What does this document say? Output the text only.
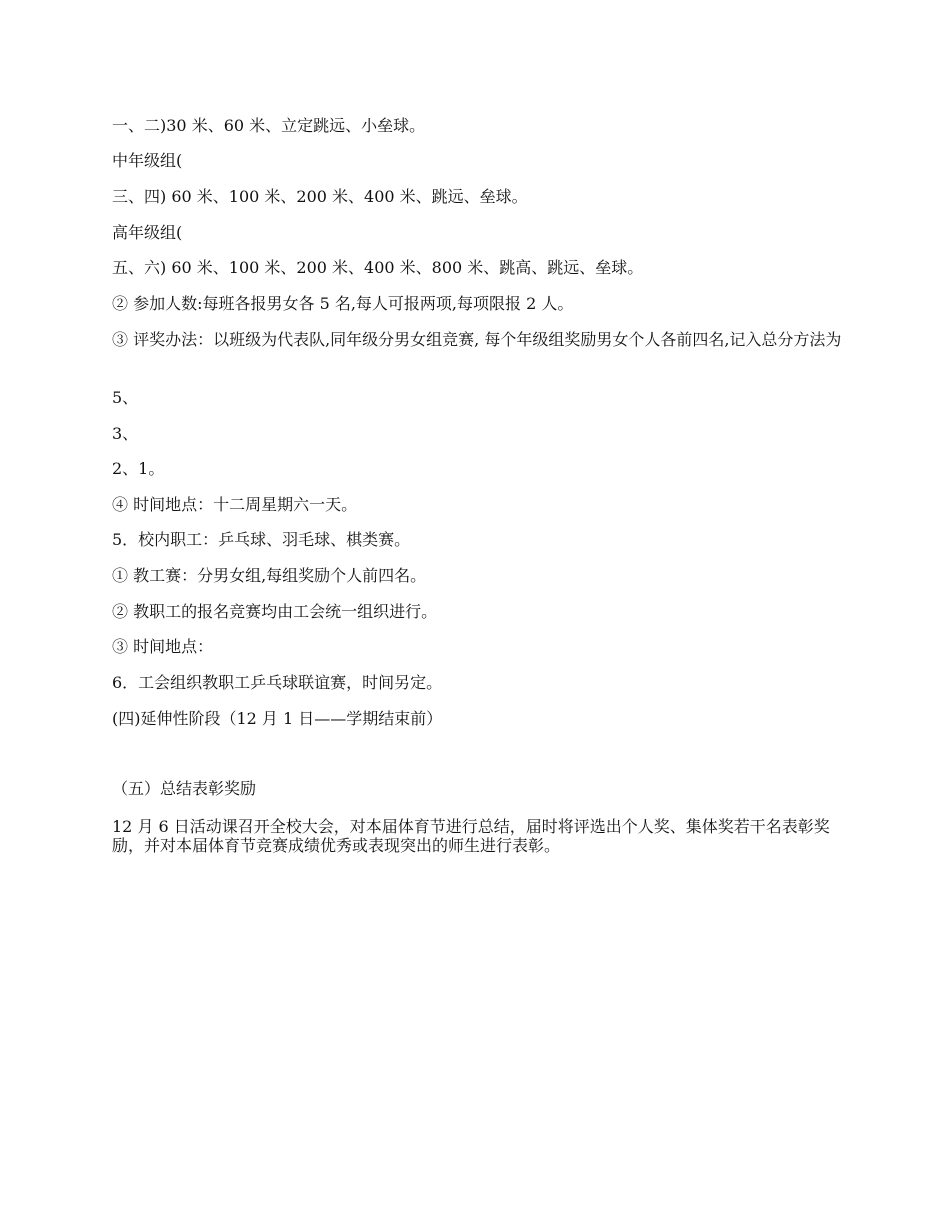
一、二)30 米、60 米、立定跳远、小垒球。
中年级组(
三、四) 60 米、100 米、200 米、400 米、跳远、垒球。
高年级组(
五、六) 60 米、100 米、200 米、400 米、800 米、跳高、跳远、垒球。
② 参加人数:每班各报男女各 5 名,每人可报两项,每项限报 2 人。
③ 评奖办法：以班级为代表队,同年级分男女组竞赛, 每个年级组奖励男女个人各前四名,记入总分方法为
5、
3、
2、1。
④ 时间地点：十二周星期六一天。
5．校内职工：乒乓球、羽毛球、棋类赛。
① 教工赛：分男女组,每组奖励个人前四名。
② 教职工的报名竞赛均由工会统一组织进行。
③ 时间地点：
6．工会组织教职工乒乓球联谊赛，时间另定。
(四)延伸性阶段（12 月 1 日——学期结束前）
（五）总结表彰奖励
12 月 6 日活动课召开全校大会，对本届体育节进行总结，届时将评选出个人奖、集体奖若干名表彰奖励，并对本届体育节竞赛成绩优秀或表现突出的师生进行表彰。
